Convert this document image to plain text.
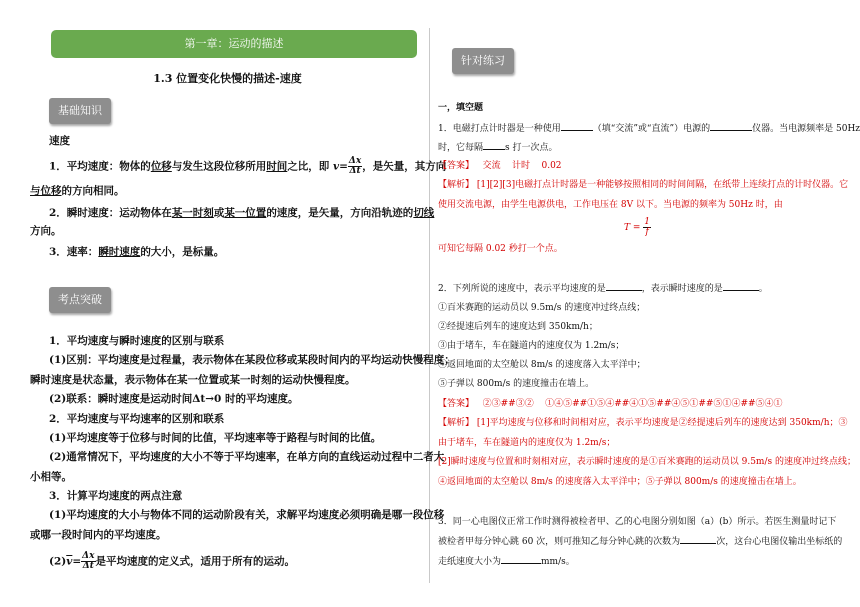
第一章：运动的描述
1.3 位置变化快慢的描述-速度
基础知识
速度
1．平均速度：物体的位移与发生这段位移所用时间之比，即 $v= \frac{\Delta x}{\Delta t}$ ，是矢量，其方向
与位移的方向相同。
2．瞬时速度：运动物体在某一时刻或某一位置的速度，是矢量，方向沿轨迹的切线
方向。
3．速率：瞬时速度的大小，是标量。
考点突破
1．平均速度与瞬时速度的区别与联系
(1)区别：平均速度是过程量，表示物体在某段位移或某段时间内的平均运动快慢程度；
瞬时速度是状态量，表示物体在某一位置或某一时刻的运动快慢程度。
(2)联系：瞬时速度是运动时间Δt→0 时的平均速度。
2．平均速度与平均速率的区别和联系
(1)平均速度等于位移与时间的比值，平均速率等于路程与时间的比值。
(2)通常情况下，平均速度的大小不等于平均速率，在单方向的直线运动过程中二者大
小相等。
3．计算平均速度的两点注意
(1)平均速度的大小与物体不同的运动阶段有关，求解平均速度必须明确是哪一段位移
或哪一段时间内的平均速度。
$(2)\overline{v}= \frac{\Delta x}{\Delta t}$ 是平均速度的定义式，适用于所有的运动。
针对练习
一，填空题
1．电磁打点计时器是一种使用	（填“交流”或“直流”）电源的	仪器。当电源频率是 50Hz
时，它每隔 s 打一次点。
【答案】 交流    计时    0.02
【解析】 [1][2][3]电磁打点计时器是一种能够按照相同的时间间隔，在纸带上连续打点的计时仪器。它
使用交流电源，由学生电源供电，工作电压在 8V 以下。当电源的频率为 50Hz 时，由
$T = \frac{1}{f}$
可知它每隔 0.02 秒打一个点。
2．下列所说的速度中，表示平均速度的是	，表示瞬时速度的是	。
①百米赛跑的运动员以 9.5m/s 的速度冲过终点线；
②经提速后列车的速度达到 350km/h；
③由于堵车，车在隧道内的速度仅为 1.2m/s；
④返回地面的太空舱以 8m/s 的速度落入太平洋中；
⑤子弹以 800m/s 的速度撞击在墙上。
【答案】 ②③##③②    ①④⑤##①⑤④##④①⑤##④⑤①##⑤①④##⑤④①
【解析】 [1]平均速度与位移和时间相对应，表示平均速度是②经提速后列车的速度达到 350km/h；③
由于堵车，车在隧道内的速度仅为 1.2m/s；
[2]瞬时速度与位置和时刻相对应，表示瞬时速度的是①百米赛跑的运动员以 9.5m/s 的速度冲过终点线；
④返回地面的太空舱以 8m/s 的速度落入太平洋中；⑤子弹以 800m/s 的速度撞击在墙上。
3．同一心电图仪正常工作时测得被检者甲、乙的心电图分别如图（a）(b）所示。若医生测量时记下
被检者甲每分钟心跳 60 次，则可推知乙每分钟心跳的次数为	次，这台心电图仪输出坐标纸的
走纸速度大小为	mm/s。
